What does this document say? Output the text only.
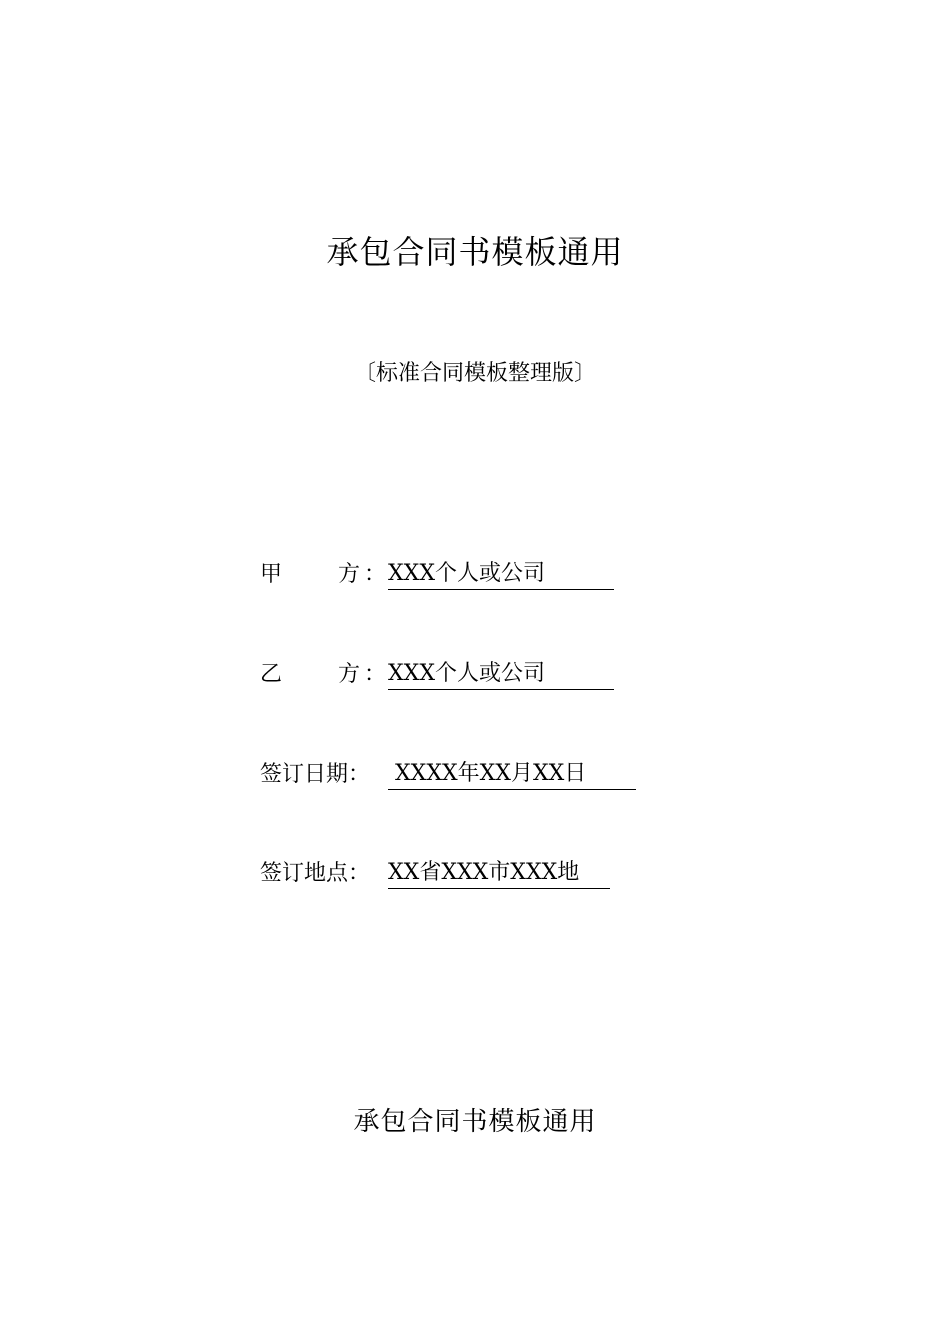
承包合同书模板通用
〔标准合同模板整理版〕
甲	方 ： XXX个人或公司
乙	方 ： XXX个人或公司
签订日期： XXXX年XX月XX日
签订地点： XX省XXX市XXX地
承包合同书模板通用
